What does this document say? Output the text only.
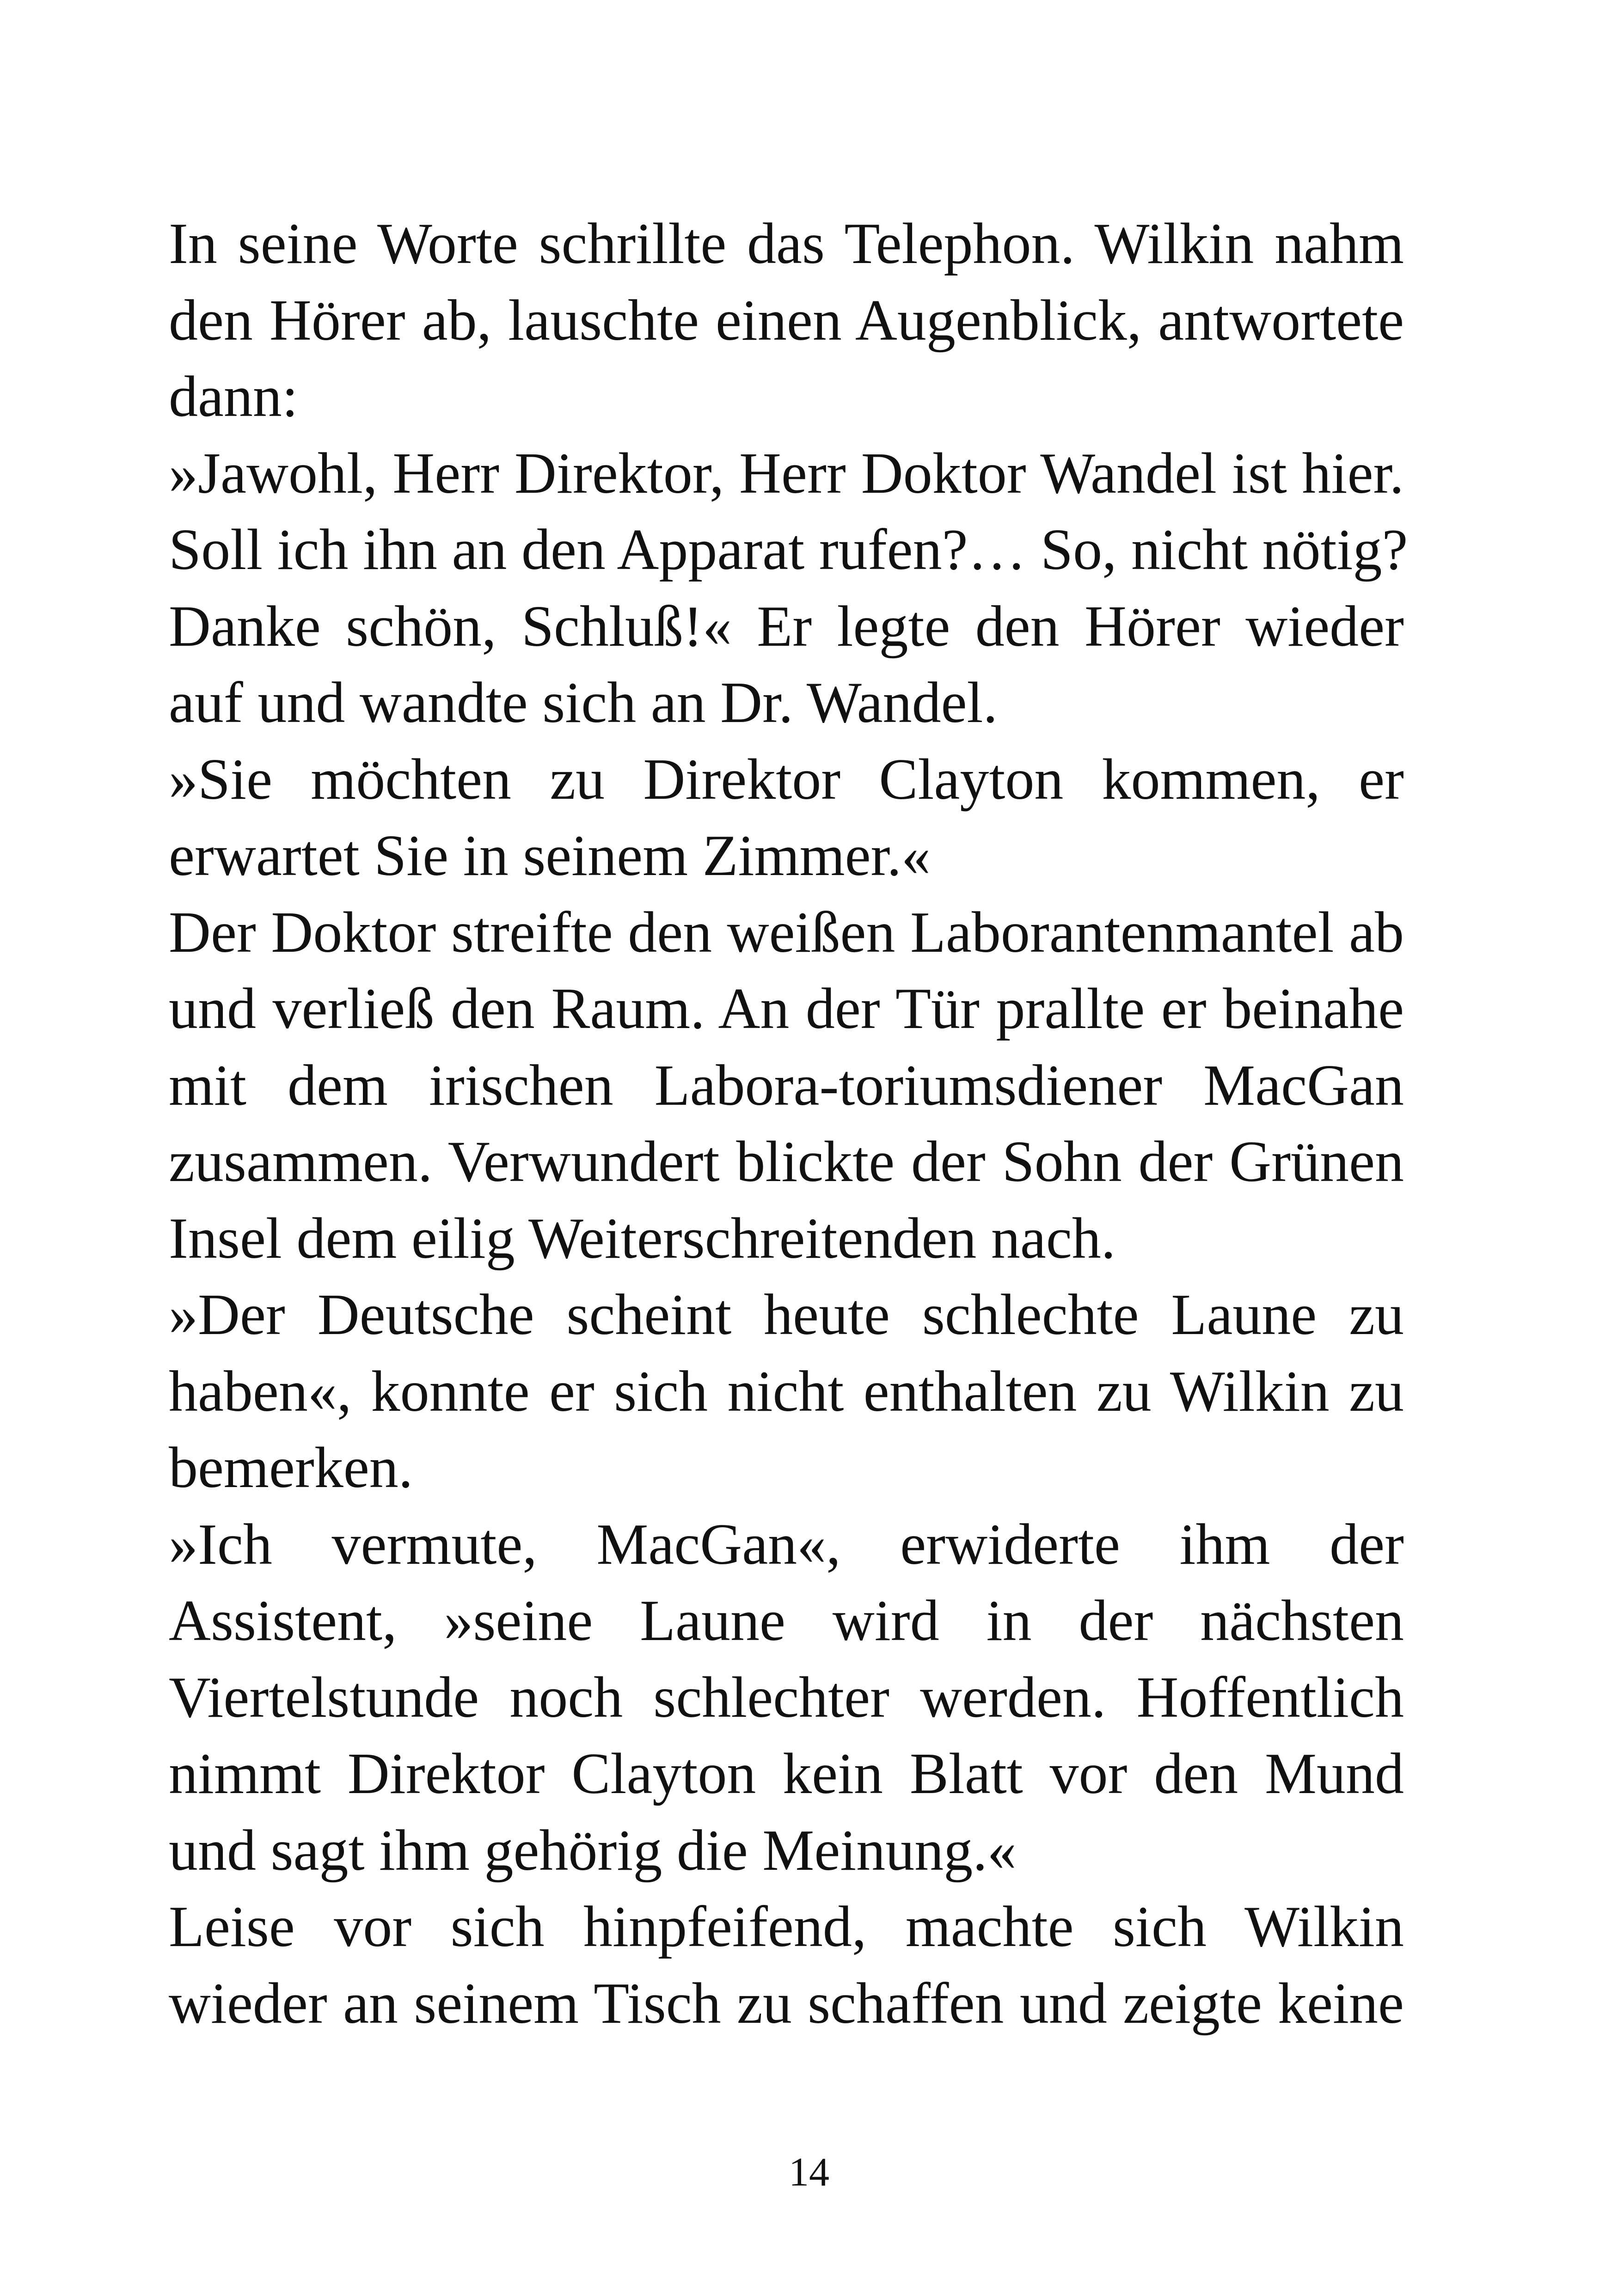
In seine Worte schrillte das Telephon. Wilkin nahm
den Hörer ab, lauschte einen Augenblick, antwortete
dann:
»Jawohl, Herr Direktor, Herr Doktor Wandel ist hier.
Soll ich ihn an den Apparat rufen?… So, nicht nötig?
Danke schön, Schluß!« Er legte den Hörer wieder
auf und wandte sich an Dr. Wandel.
»Sie möchten zu Direktor Clayton kommen, er
erwartet Sie in seinem Zimmer.«
Der Doktor streifte den weißen Laborantenmantel ab
und verließ den Raum. An der Tür prallte er beinahe
mit dem irischen Labora-toriumsdiener MacGan
zusammen. Verwundert blickte der Sohn der Grünen
Insel dem eilig Weiterschreitenden nach.
»Der Deutsche scheint heute schlechte Laune zu
haben«, konnte er sich nicht enthalten zu Wilkin zu
bemerken.
»Ich vermute, MacGan«, erwiderte ihm der
Assistent, »seine Laune wird in der nächsten
Viertelstunde noch schlechter werden. Hoffentlich
nimmt Direktor Clayton kein Blatt vor den Mund
und sagt ihm gehörig die Meinung.«
Leise vor sich hinpfeifend, machte sich Wilkin
wieder an seinem Tisch zu schaffen und zeigte keine
14
